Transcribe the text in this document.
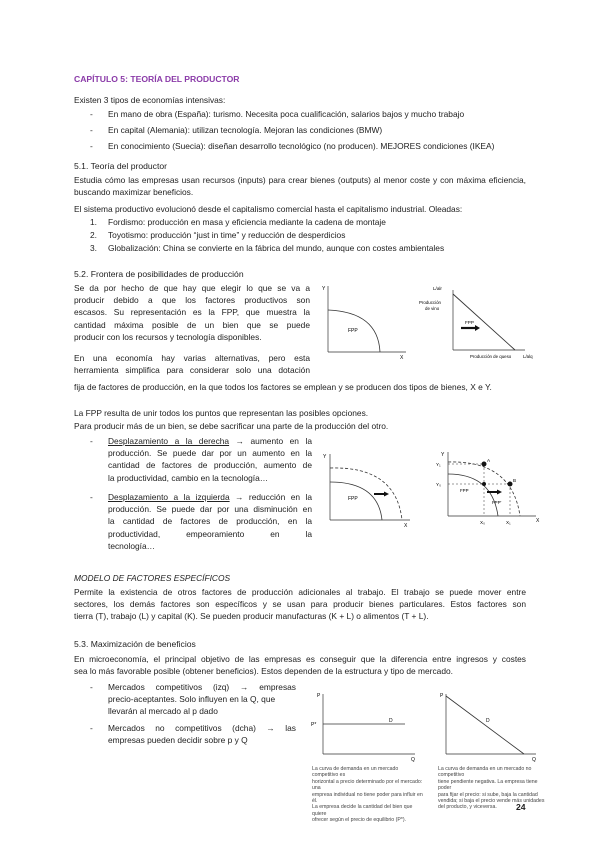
CAPÍTULO 5: TEORÍA DEL PRODUCTOR
Existen 3 tipos de economías intensivas:
- En mano de obra (España): turismo. Necesita poca cualificación, salarios bajos y mucho trabajo
- En capital (Alemania): utilizan tecnología. Mejoran las condiciones (BMW)
- En conocimiento (Suecia): diseñan desarrollo tecnológico (no producen). MEJORES condiciones (IKEA)
5.1. Teoría del productor
Estudia cómo las empresas usan recursos (inputs) para crear bienes (outputs) al menor coste y con máxima eficiencia, buscando maximizar beneficios.
El sistema productivo evolucionó desde el capitalismo comercial hasta el capitalismo industrial. Oleadas:
1. Fordismo: producción en masa y eficiencia mediante la cadena de montaje
2. Toyotismo: producción “just in time” y reducción de desperdicios
3. Globalización: China se convierte en la fábrica del mundo, aunque con costes ambientales
5.2. Frontera de posibilidades de producción
Se da por hecho de que hay que elegir lo que se va a
producir debido a que los factores productivos son
escasos. Su representación es la FPP, que muestra la
cantidad máxima posible de un bien que se puede
producir con los recursos y tecnología disponibles.
En una economía hay varias alternativas, pero esta
herramienta simplifica para considerar solo una dotación
fija de factores de producción, en la que todos los factores se emplean y se producen dos tipos de bienes, X e Y.
Y
X
FPP
L/alr
Producción
de vino
FPP
Producción de queso	L/alq
La FPP resulta de unir todos los puntos que representan las posibles opciones.
Para producir más de un bien, se debe sacrificar una parte de la producción del otro.
- Desplazamiento a la derecha → aumento en la
producción. Se puede dar por un aumento en la
cantidad de factores de producción, aumento de
la productividad, cambio en la tecnología…
- Desplazamiento a la izquierda → reducción en la
producción. Se puede dar por una disminución en
la cantidad de factores de producción, en la
productividad, empeoramiento en la
tecnología…
Y
X
FPP
Y
X
Y₁
Y₀
X₀	X₁
A
B
FPP
FPP'
MODELO DE FACTORES ESPECÍFICOS
Permite la existencia de otros factores de producción adicionales al trabajo. El trabajo se puede mover entre
sectores, los demás factores son específicos y se usan para producir bienes particulares. Estos factores son
tierra (T), trabajo (L) y capital (K). Se pueden producir manufacturas (K + L) o alimentos (T + L).
5.3. Maximización de beneficios
En microeconomía, el principal objetivo de las empresas es conseguir que la diferencia entre ingresos y costes
sea lo más favorable posible (obtener beneficios). Estos dependen de la estructura y tipo de mercado.
- Mercados competitivos (izq) → empresas
precio-aceptantes. Solo influyen en la Q, que
llevarán al mercado al p dado
- Mercados no competitivos (dcha) → las
empresas pueden decidir sobre p y Q
P
P*
D
Q
P
D
Q
La curva de demanda en un mercado competitivo es
horizontal a precio determinado por el mercado: una
empresa individual no tiene poder para influir en él.
La empresa decide la cantidad del bien que quiere
ofrecer según el precio de equilibrio (P*).
La curva de demanda en un mercado no competitivo
tiene pendiente negativa. La empresa tiene poder
para fijar el precio: si sube, baja la cantidad
vendida; si baja el precio vende más unidades
del producto, y viceversa.	24
